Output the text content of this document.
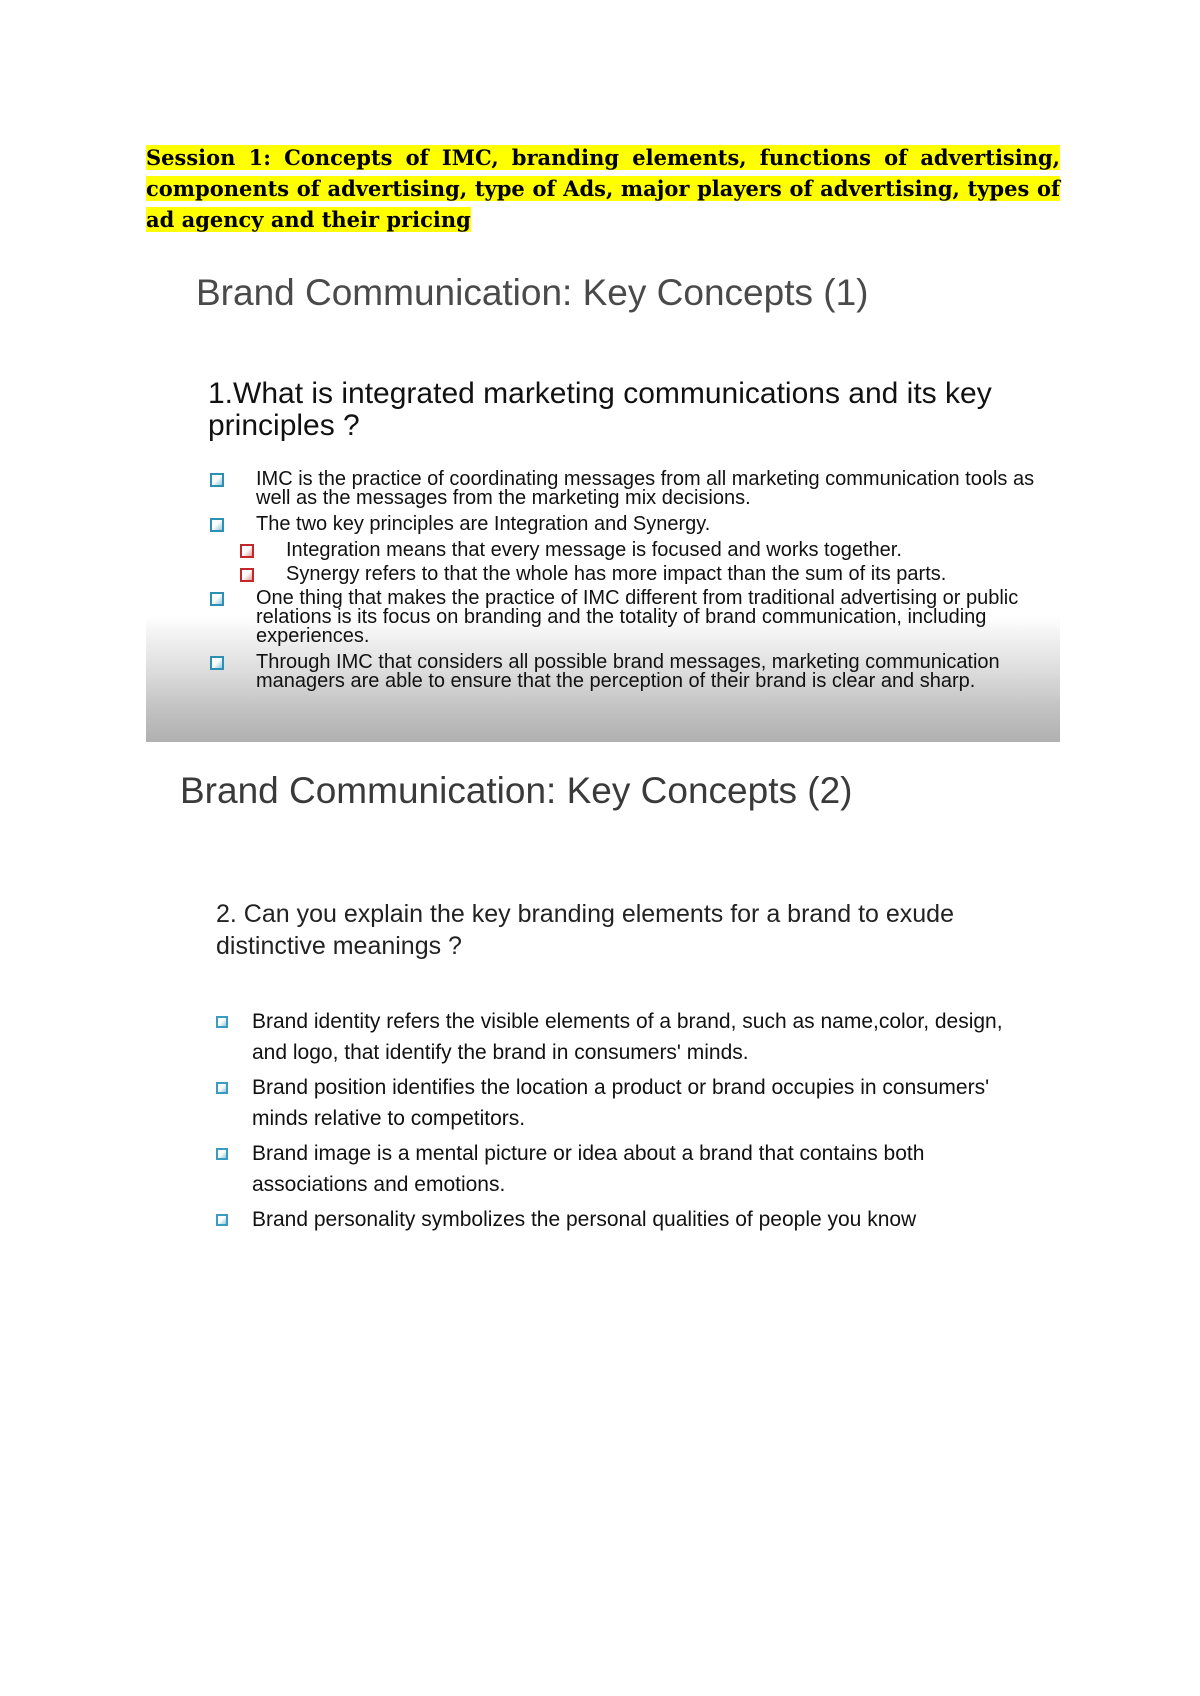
Session 1: Concepts of IMC, branding elements, functions of advertising, components of advertising, type of Ads, major players of advertising, types of ad agency and their pricing
Brand Communication: Key Concepts (1)
1.What is integrated marketing communications and its key principles ?
IMC is the practice of coordinating messages from all marketing communication tools as well as the messages from the marketing mix decisions.
The two key principles are Integration and Synergy.
Integration means that every message is focused and works together.
Synergy refers to that the whole has more impact than the sum of its parts.
One thing that makes the practice of IMC different from traditional advertising or public relations is its focus on branding and the totality of brand communication, including experiences.
Through IMC that considers all possible brand messages, marketing communication managers are able to ensure that the perception of their brand is clear and sharp.
Brand Communication: Key Concepts (2)
2. Can you explain the key branding elements for a brand to exude distinctive meanings ?
Brand identity refers the visible elements of a brand, such as name,color, design, and logo, that identify the brand in consumers' minds.
Brand position identifies the location a product or brand occupies in consumers' minds relative to competitors.
Brand image is a mental picture or idea about a brand that contains both associations and emotions.
Brand personality symbolizes the personal qualities of people you know
